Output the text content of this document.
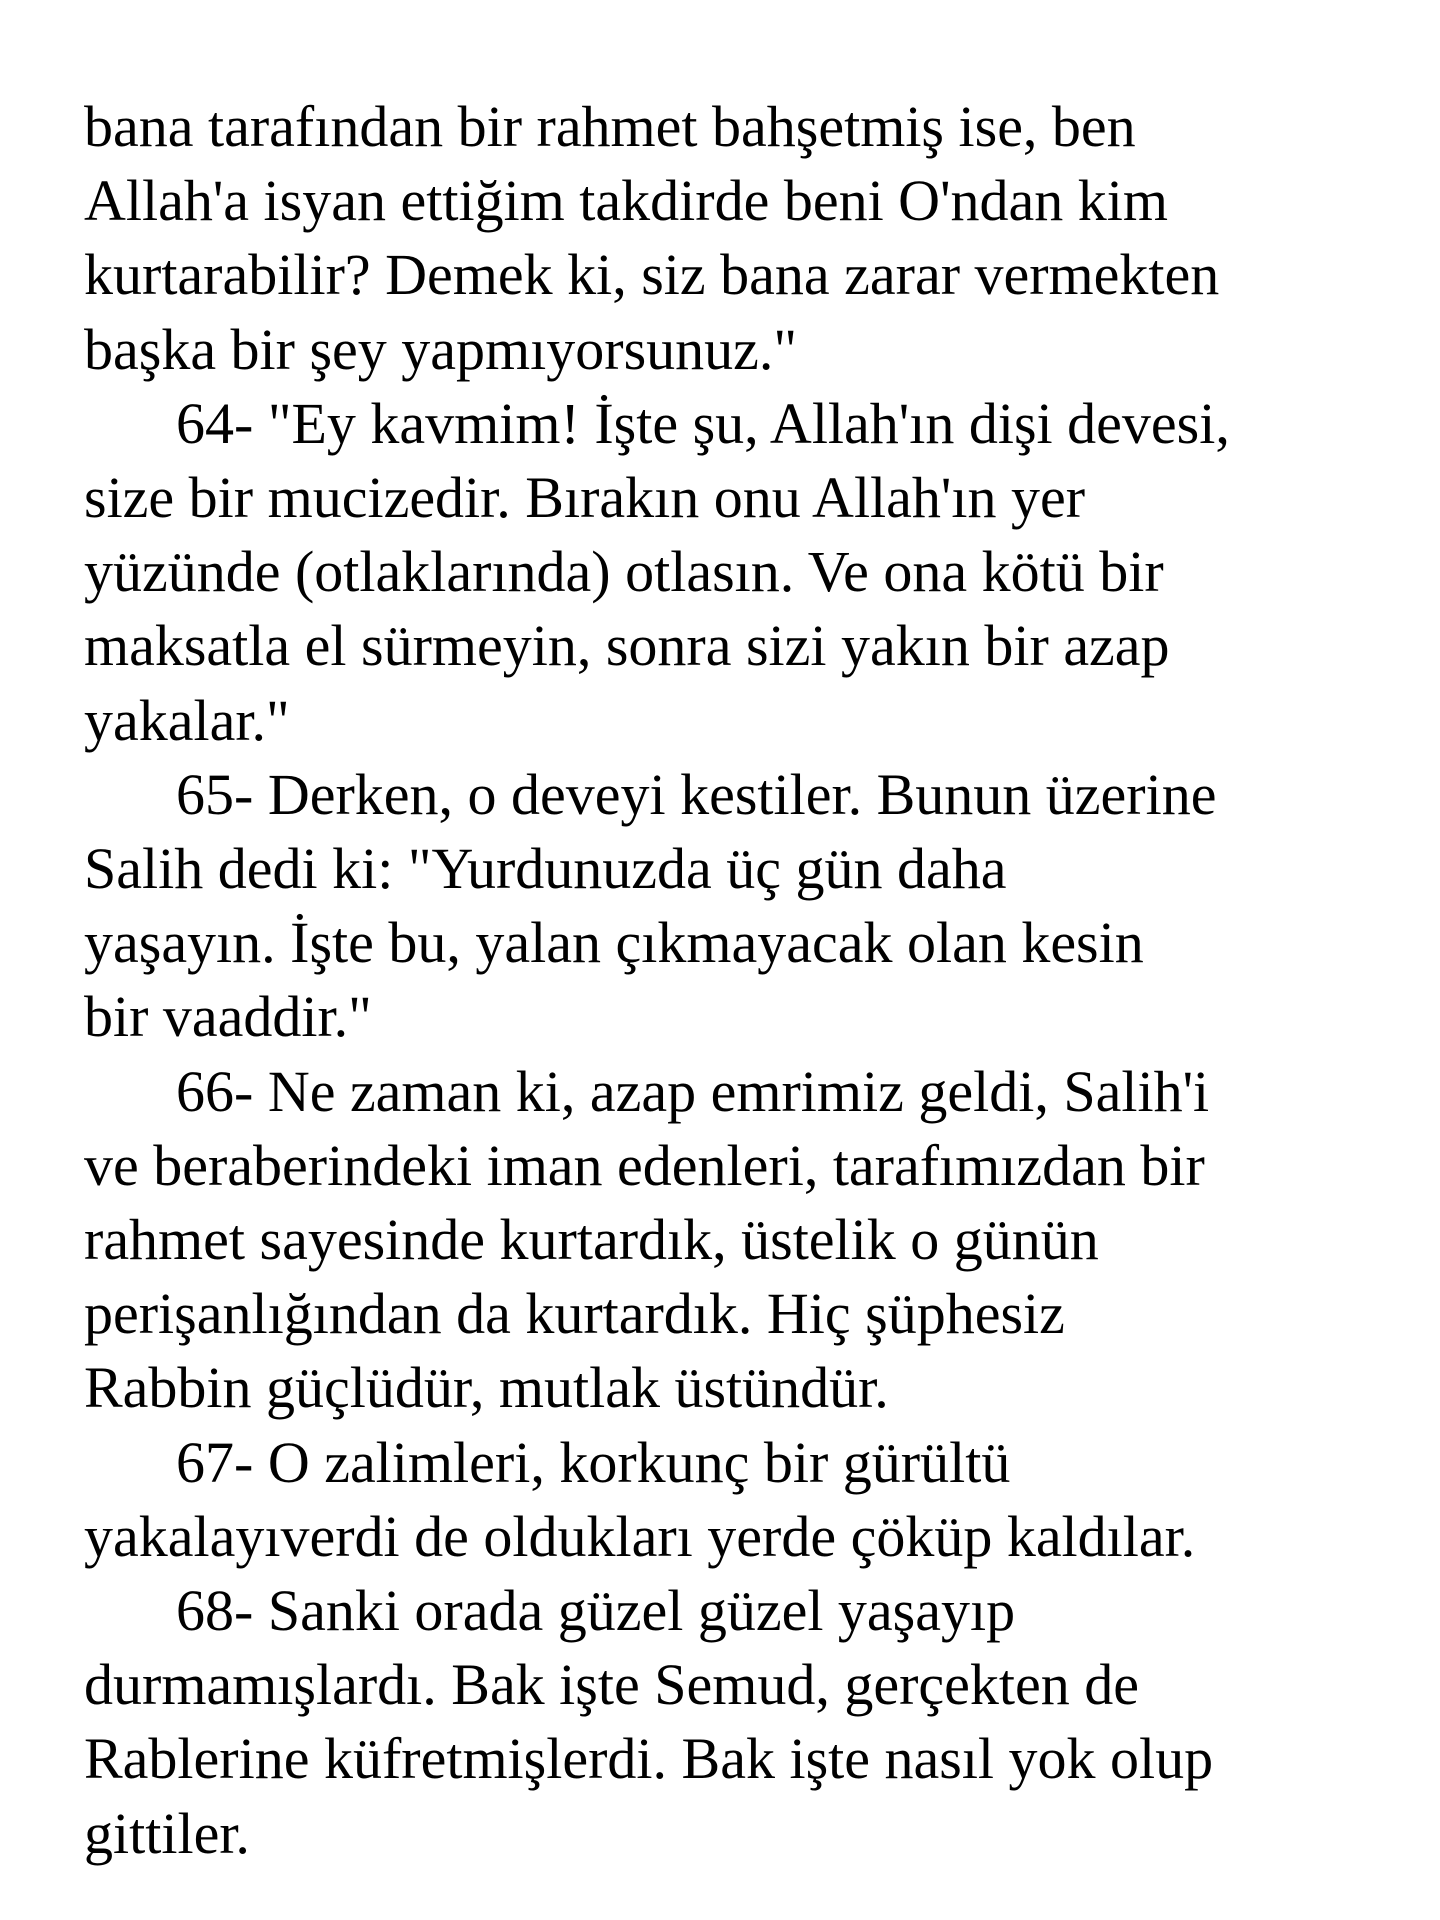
bana tarafından bir rahmet bahşetmiş ise, ben
Allah'a isyan ettiğim takdirde beni O'ndan kim
kurtarabilir? Demek ki, siz bana zarar vermekten
başka bir şey yapmıyorsunuz."

64- "Ey kavmim! İşte şu, Allah'ın dişi devesi,
size bir mucizedir. Bırakın onu Allah'ın yer
yüzünde (otlaklarında) otlasın. Ve ona kötü bir
maksatla el sürmeyin, sonra sizi yakın bir azap
yakalar."

65- Derken, o deveyi kestiler. Bunun üzerine
Salih dedi ki: "Yurdunuzda üç gün daha
yaşayın. İşte bu, yalan çıkmayacak olan kesin
bir vaaddir."

66- Ne zaman ki, azap emrimiz geldi, Salih'i
ve beraberindeki iman edenleri, tarafımızdan bir
rahmet sayesinde kurtardık, üstelik o günün
perişanlığından da kurtardık. Hiç şüphesiz
Rabbin güçlüdür, mutlak üstündür.

67- O zalimleri, korkunç bir gürültü
yakalayıverdi de oldukları yerde çöküp kaldılar.

68- Sanki orada güzel güzel yaşayıp
durmamışlardı. Bak işte Semud, gerçekten de
Rablerine küfretmişlerdi. Bak işte nasıl yok olup
gittiler.
